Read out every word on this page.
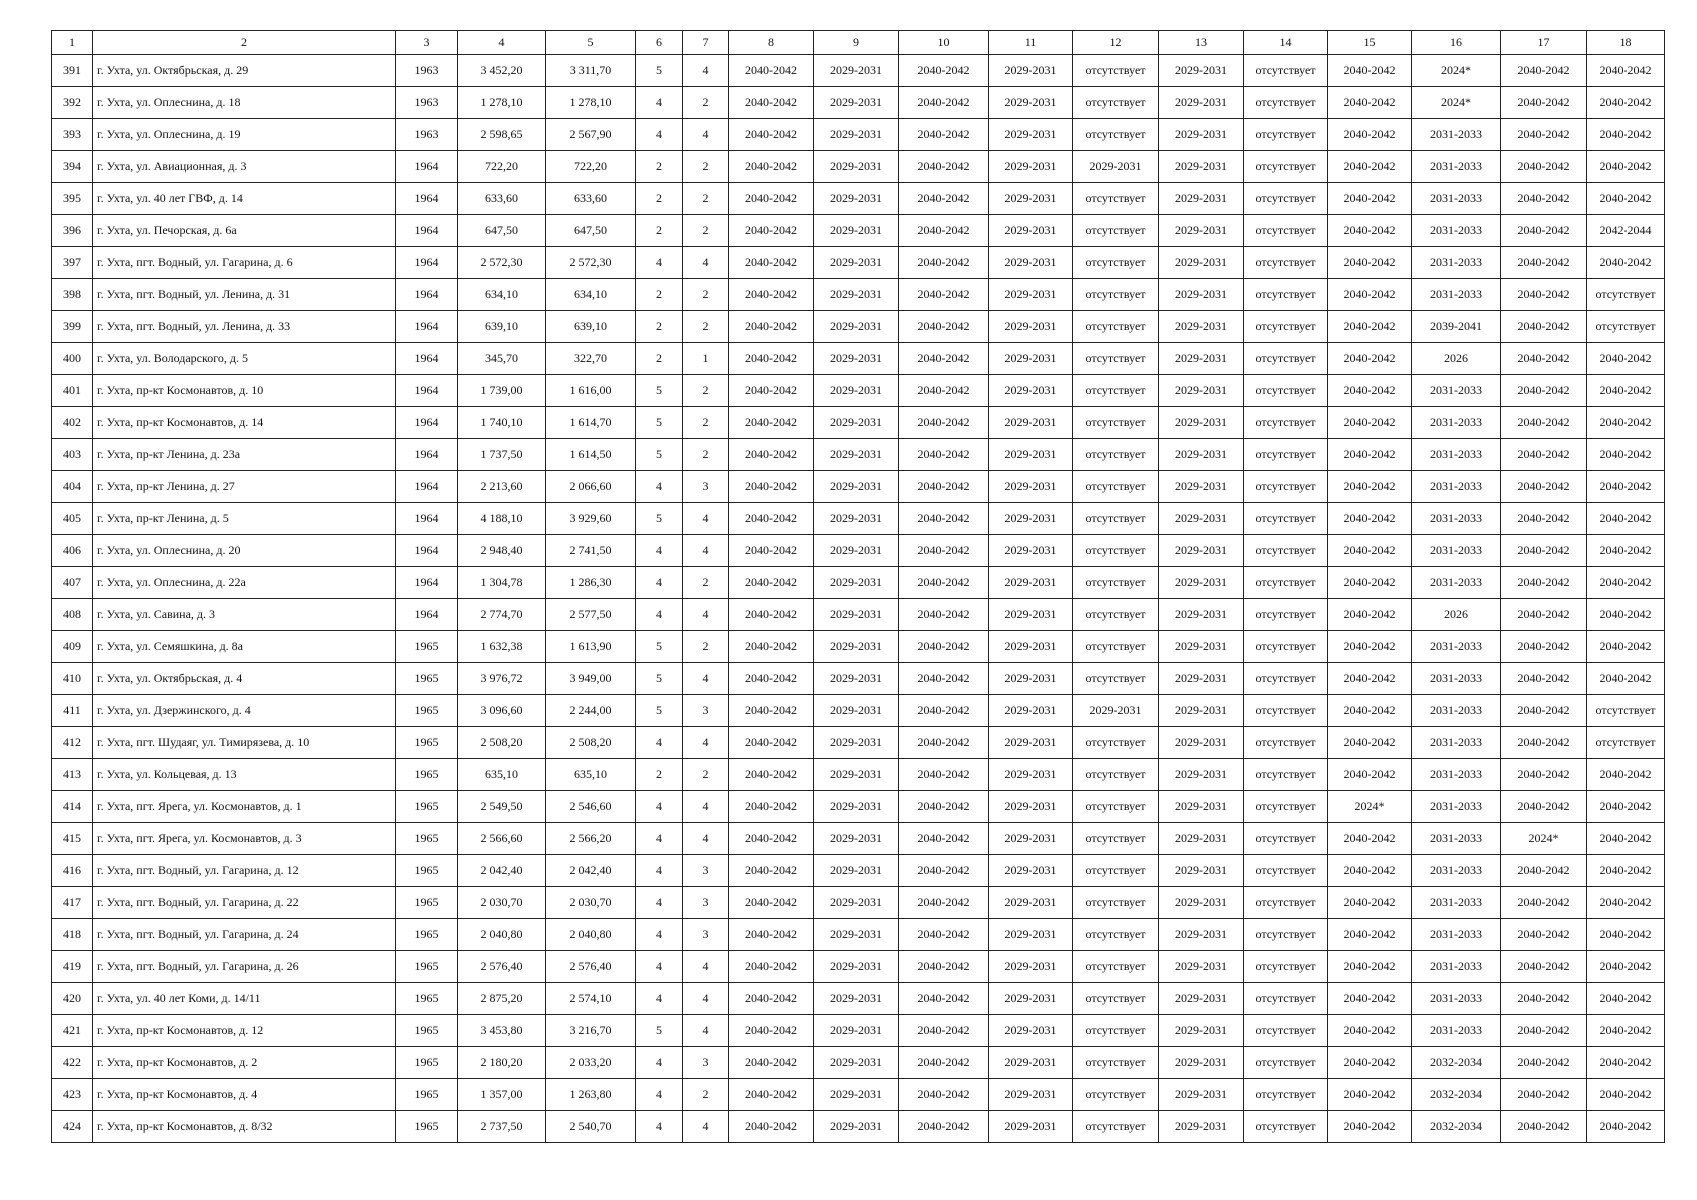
1	2	3	4	5	6	7	8	9	10	11	12	13	14	15	16	17	18
391	г. Ухта, ул. Октябрьская, д. 29	1963	3 452,20	3 311,70	5	4	2040-2042	2029-2031	2040-2042	2029-2031	отсутствует	2029-2031	отсутствует	2040-2042	2024*	2040-2042	2040-2042
392	г. Ухта, ул. Оплеснина, д. 18	1963	1 278,10	1 278,10	4	2	2040-2042	2029-2031	2040-2042	2029-2031	отсутствует	2029-2031	отсутствует	2040-2042	2024*	2040-2042	2040-2042
393	г. Ухта, ул. Оплеснина, д. 19	1963	2 598,65	2 567,90	4	4	2040-2042	2029-2031	2040-2042	2029-2031	отсутствует	2029-2031	отсутствует	2040-2042	2031-2033	2040-2042	2040-2042
394	г. Ухта, ул. Авиационная, д. 3	1964	722,20	722,20	2	2	2040-2042	2029-2031	2040-2042	2029-2031	2029-2031	2029-2031	отсутствует	2040-2042	2031-2033	2040-2042	2040-2042
395	г. Ухта, ул. 40 лет ГВФ, д. 14	1964	633,60	633,60	2	2	2040-2042	2029-2031	2040-2042	2029-2031	отсутствует	2029-2031	отсутствует	2040-2042	2031-2033	2040-2042	2040-2042
396	г. Ухта, ул. Печорская, д. 6а	1964	647,50	647,50	2	2	2040-2042	2029-2031	2040-2042	2029-2031	отсутствует	2029-2031	отсутствует	2040-2042	2031-2033	2040-2042	2042-2044
397	г. Ухта, пгт. Водный, ул. Гагарина, д. 6	1964	2 572,30	2 572,30	4	4	2040-2042	2029-2031	2040-2042	2029-2031	отсутствует	2029-2031	отсутствует	2040-2042	2031-2033	2040-2042	2040-2042
398	г. Ухта, пгт. Водный, ул. Ленина, д. 31	1964	634,10	634,10	2	2	2040-2042	2029-2031	2040-2042	2029-2031	отсутствует	2029-2031	отсутствует	2040-2042	2031-2033	2040-2042	отсутствует
399	г. Ухта, пгт. Водный, ул. Ленина, д. 33	1964	639,10	639,10	2	2	2040-2042	2029-2031	2040-2042	2029-2031	отсутствует	2029-2031	отсутствует	2040-2042	2039-2041	2040-2042	отсутствует
400	г. Ухта, ул. Володарского, д. 5	1964	345,70	322,70	2	1	2040-2042	2029-2031	2040-2042	2029-2031	отсутствует	2029-2031	отсутствует	2040-2042	2026	2040-2042	2040-2042
401	г. Ухта, пр-кт Космонавтов, д. 10	1964	1 739,00	1 616,00	5	2	2040-2042	2029-2031	2040-2042	2029-2031	отсутствует	2029-2031	отсутствует	2040-2042	2031-2033	2040-2042	2040-2042
402	г. Ухта, пр-кт Космонавтов, д. 14	1964	1 740,10	1 614,70	5	2	2040-2042	2029-2031	2040-2042	2029-2031	отсутствует	2029-2031	отсутствует	2040-2042	2031-2033	2040-2042	2040-2042
403	г. Ухта, пр-кт Ленина, д. 23а	1964	1 737,50	1 614,50	5	2	2040-2042	2029-2031	2040-2042	2029-2031	отсутствует	2029-2031	отсутствует	2040-2042	2031-2033	2040-2042	2040-2042
404	г. Ухта, пр-кт Ленина, д. 27	1964	2 213,60	2 066,60	4	3	2040-2042	2029-2031	2040-2042	2029-2031	отсутствует	2029-2031	отсутствует	2040-2042	2031-2033	2040-2042	2040-2042
405	г. Ухта, пр-кт Ленина, д. 5	1964	4 188,10	3 929,60	5	4	2040-2042	2029-2031	2040-2042	2029-2031	отсутствует	2029-2031	отсутствует	2040-2042	2031-2033	2040-2042	2040-2042
406	г. Ухта, ул. Оплеснина, д. 20	1964	2 948,40	2 741,50	4	4	2040-2042	2029-2031	2040-2042	2029-2031	отсутствует	2029-2031	отсутствует	2040-2042	2031-2033	2040-2042	2040-2042
407	г. Ухта, ул. Оплеснина, д. 22а	1964	1 304,78	1 286,30	4	2	2040-2042	2029-2031	2040-2042	2029-2031	отсутствует	2029-2031	отсутствует	2040-2042	2031-2033	2040-2042	2040-2042
408	г. Ухта, ул. Савина, д. 3	1964	2 774,70	2 577,50	4	4	2040-2042	2029-2031	2040-2042	2029-2031	отсутствует	2029-2031	отсутствует	2040-2042	2026	2040-2042	2040-2042
409	г. Ухта, ул. Семяшкина, д. 8а	1965	1 632,38	1 613,90	5	2	2040-2042	2029-2031	2040-2042	2029-2031	отсутствует	2029-2031	отсутствует	2040-2042	2031-2033	2040-2042	2040-2042
410	г. Ухта, ул. Октябрьская, д. 4	1965	3 976,72	3 949,00	5	4	2040-2042	2029-2031	2040-2042	2029-2031	отсутствует	2029-2031	отсутствует	2040-2042	2031-2033	2040-2042	2040-2042
411	г. Ухта, ул. Дзержинского, д. 4	1965	3 096,60	2 244,00	5	3	2040-2042	2029-2031	2040-2042	2029-2031	2029-2031	2029-2031	отсутствует	2040-2042	2031-2033	2040-2042	отсутствует
412	г. Ухта, пгт. Шудаяг, ул. Тимирязева, д. 10	1965	2 508,20	2 508,20	4	4	2040-2042	2029-2031	2040-2042	2029-2031	отсутствует	2029-2031	отсутствует	2040-2042	2031-2033	2040-2042	отсутствует
413	г. Ухта, ул. Кольцевая, д. 13	1965	635,10	635,10	2	2	2040-2042	2029-2031	2040-2042	2029-2031	отсутствует	2029-2031	отсутствует	2040-2042	2031-2033	2040-2042	2040-2042
414	г. Ухта, пгт. Ярега, ул. Космонавтов, д. 1	1965	2 549,50	2 546,60	4	4	2040-2042	2029-2031	2040-2042	2029-2031	отсутствует	2029-2031	отсутствует	2024*	2031-2033	2040-2042	2040-2042
415	г. Ухта, пгт. Ярега, ул. Космонавтов, д. 3	1965	2 566,60	2 566,20	4	4	2040-2042	2029-2031	2040-2042	2029-2031	отсутствует	2029-2031	отсутствует	2040-2042	2031-2033	2024*	2040-2042
416	г. Ухта, пгт. Водный, ул. Гагарина, д. 12	1965	2 042,40	2 042,40	4	3	2040-2042	2029-2031	2040-2042	2029-2031	отсутствует	2029-2031	отсутствует	2040-2042	2031-2033	2040-2042	2040-2042
417	г. Ухта, пгт. Водный, ул. Гагарина, д. 22	1965	2 030,70	2 030,70	4	3	2040-2042	2029-2031	2040-2042	2029-2031	отсутствует	2029-2031	отсутствует	2040-2042	2031-2033	2040-2042	2040-2042
418	г. Ухта, пгт. Водный, ул. Гагарина, д. 24	1965	2 040,80	2 040,80	4	3	2040-2042	2029-2031	2040-2042	2029-2031	отсутствует	2029-2031	отсутствует	2040-2042	2031-2033	2040-2042	2040-2042
419	г. Ухта, пгт. Водный, ул. Гагарина, д. 26	1965	2 576,40	2 576,40	4	4	2040-2042	2029-2031	2040-2042	2029-2031	отсутствует	2029-2031	отсутствует	2040-2042	2031-2033	2040-2042	2040-2042
420	г. Ухта, ул. 40 лет Коми, д. 14/11	1965	2 875,20	2 574,10	4	4	2040-2042	2029-2031	2040-2042	2029-2031	отсутствует	2029-2031	отсутствует	2040-2042	2031-2033	2040-2042	2040-2042
421	г. Ухта, пр-кт Космонавтов, д. 12	1965	3 453,80	3 216,70	5	4	2040-2042	2029-2031	2040-2042	2029-2031	отсутствует	2029-2031	отсутствует	2040-2042	2031-2033	2040-2042	2040-2042
422	г. Ухта, пр-кт Космонавтов, д. 2	1965	2 180,20	2 033,20	4	3	2040-2042	2029-2031	2040-2042	2029-2031	отсутствует	2029-2031	отсутствует	2040-2042	2032-2034	2040-2042	2040-2042
423	г. Ухта, пр-кт Космонавтов, д. 4	1965	1 357,00	1 263,80	4	2	2040-2042	2029-2031	2040-2042	2029-2031	отсутствует	2029-2031	отсутствует	2040-2042	2032-2034	2040-2042	2040-2042
424	г. Ухта, пр-кт Космонавтов, д. 8/32	1965	2 737,50	2 540,70	4	4	2040-2042	2029-2031	2040-2042	2029-2031	отсутствует	2029-2031	отсутствует	2040-2042	2032-2034	2040-2042	2040-2042
